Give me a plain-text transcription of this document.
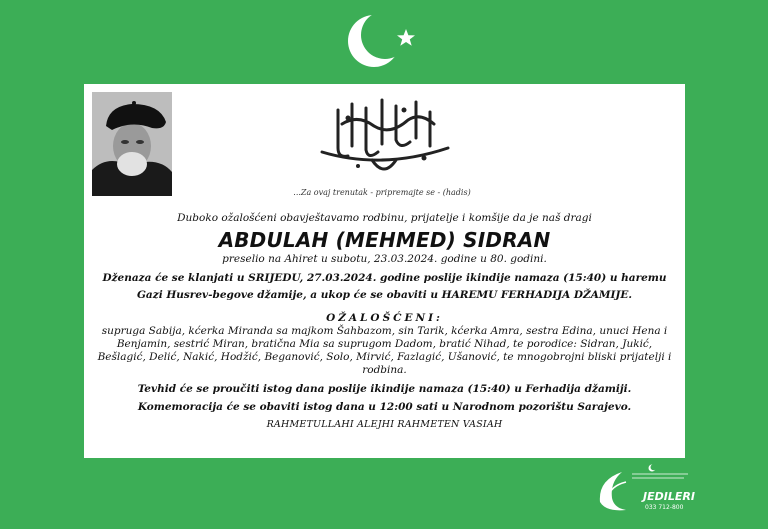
...Za ovaj trenutak - pripremajte se - (hadis)

Duboko ožalošćeni obavještavamo rodbinu, prijatelje i komšije da je naš dragi

ABDULAH (MEHMED) SIDRAN

preselio na Ahiret u subotu, 23.03.2024. godine u 80. godini.

Dženaza će se klanjati u SRIJEDU, 27.03.2024. godine poslije ikindije namaza (15:40) u haremu Gazi Husrev-begove džamije, a ukop će se obaviti u HAREMU FERHADIJA DŽAMIJE.

OŽALOŠĆENI:

supruga Sabija, kćerka Miranda sa majkom Šahbazom, sin Tarik, kćerka Amra, sestra Edina, unuci Hena i Benjamin, sestrić Miran, bratična Mia sa suprugom Dadom, bratić Nihad, te porodice: Sidran, Jukić, Bešlagić, Delić, Nakić, Hodžić, Beganović, Solo, Mirvić, Fazlagić, Ušanović, te mnogobrojni bliski prijatelji i rodbina.

Tevhid će se proučiti istog dana poslije ikindije namaza (15:40) u Ferhadija džamiji.

Komemoracija će se obaviti istog dana u 12:00 sati u Narodnom pozorištu Sarajevo.

RAHMETULLAHI ALEJHI RAHMETEN VASIAH

JEDILERI
033 712-800
